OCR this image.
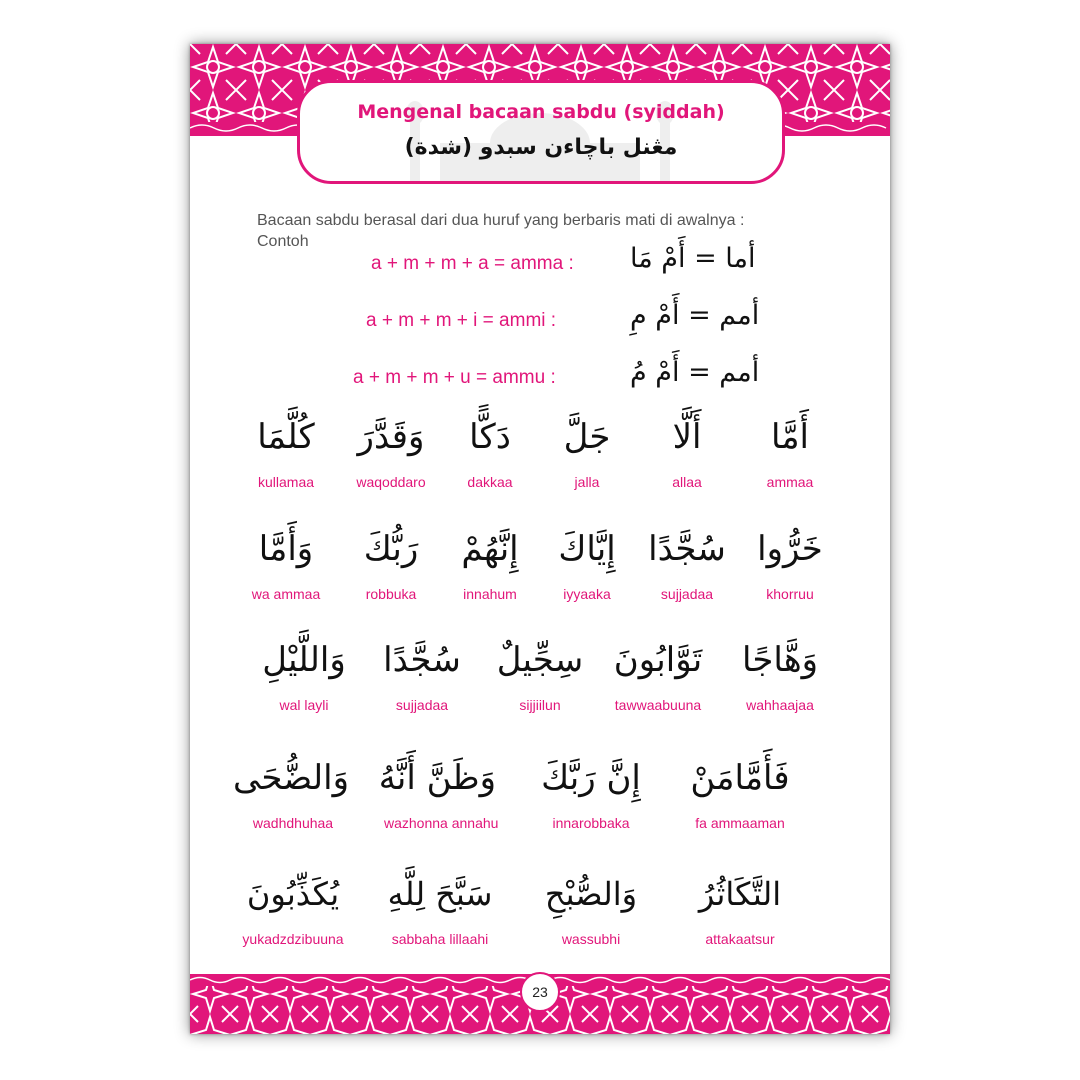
Mengenal bacaan sabdu (syiddah)
مڠنل باچاءن سبدو (شدة)
Bacaan sabdu berasal dari dua huruf yang berbaris mati di awalnya :
Contoh
a + m + m + a = amma : أما = أَمْ مَا
a + m + m + i = ammi :	أمم = أَمْ مِ
a + m + m + u = ammu :	أمم = أَمْ مُ
أَمَّا
ammaa
أَلَّا
allaa
جَلَّ
jalla
دَكًّا
dakkaa
وَقَدَّرَ
waqoddaro
كُلَّمَا
kullamaa
خَرُّوا
khorruu
سُجَّدًا
sujjadaa
إِيَّاكَ
iyyaaka
إِنَّهُمْ
innahum
رَبُّكَ
robbuka
وَأَمَّا
wa ammaa
وَهَّاجًا
wahhaajaa
تَوَّابُونَ
tawwaabuuna
سِجِّيلٌ
sijjiilun
سُجَّدًا
sujjadaa
وَاللَّيْلِ
wal layli
فَأَمَّامَنْ
fa ammaaman
إِنَّ رَبَّكَ
innarobbaka
وَظَنَّ أَنَّهُ
wazhonna annahu
وَالضُّحَى
wadhdhuhaa
التَّكَاثُرُ
attakaatsur
وَالصُّبْحِ
wassubhi
سَبَّحَ لِلَّهِ
sabbaha lillaahi
يُكَذِّبُونَ
yukadzdzibuuna
23
